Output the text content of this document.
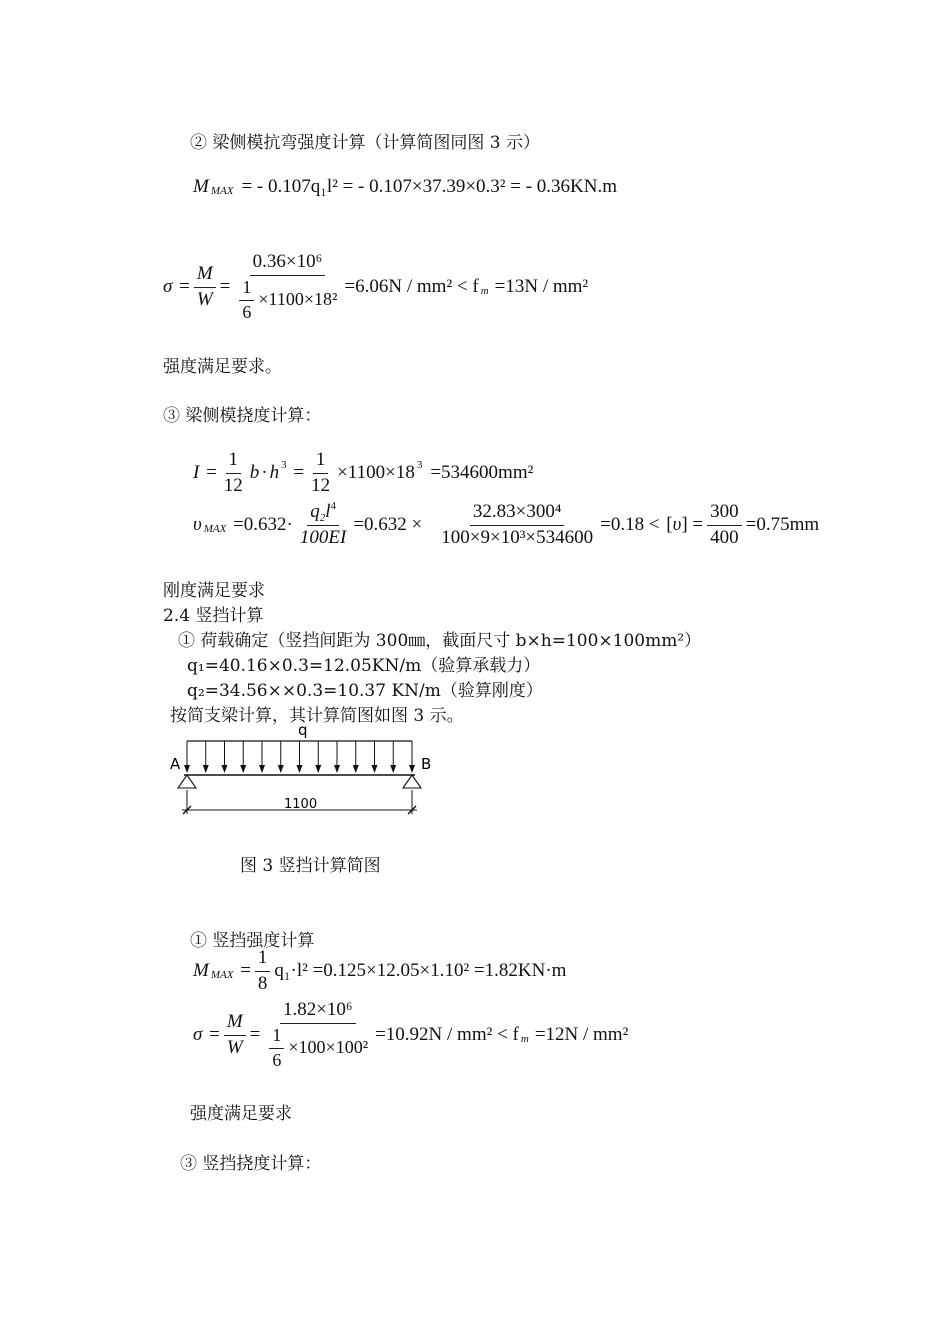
② 梁侧模抗弯强度计算（计算简图同图 3 示）
M MAX = - 0.107q₁l² = - 0.107×37.39×0.3² = - 0.36KN.m
$\sigma = \frac{M}{W} = \frac{\text{0.36×10⁶}}{\frac{1}{6} \times 1100\times 18^2} =6.06N / mm^2 < f$ m =13N / mm²
强度满足要求。
③ 梁侧模挠度计算：
$I = \frac{1}{12}$ b · h $3 = \frac{1}{12} \times 1100\times 18$ 3 =534600mm²
υ MAX $=0.632\cdot \frac{q_2l^4}{100EI} =0.632 \times \frac{\text{32.83×300⁴}}{\text{100×9×10³×534600}} =0.18 < [\upsilon] = \frac{300}{400} =0.75mm$
刚度满足要求
2.4 竖挡计算
① 荷载确定（竖挡间距为 300㎜，截面尺寸 b×h=100×100mm²）
q₁=40.16×0.3=12.05KN/m（验算承载力）
q₂=34.56××0.3=10.37 KN/m（验算刚度）
按简支梁计算，其计算简图如图 3 示。
q
A	B
1100
图 3 竖挡计算简图
① 竖挡强度计算
M MAX = $\frac{1}{8} q_1\cdot l^2 =0.125\times 12.05\times 1.10^2 =1.82KN\cdot m$
$\sigma = \frac{M}{W} = \frac{\text{1.82×10⁶}}{\frac{1}{6} \times 100\times 100^2} =10.92N / mm^2 < f$ m =12N / mm²
强度满足要求
③ 竖挡挠度计算：
